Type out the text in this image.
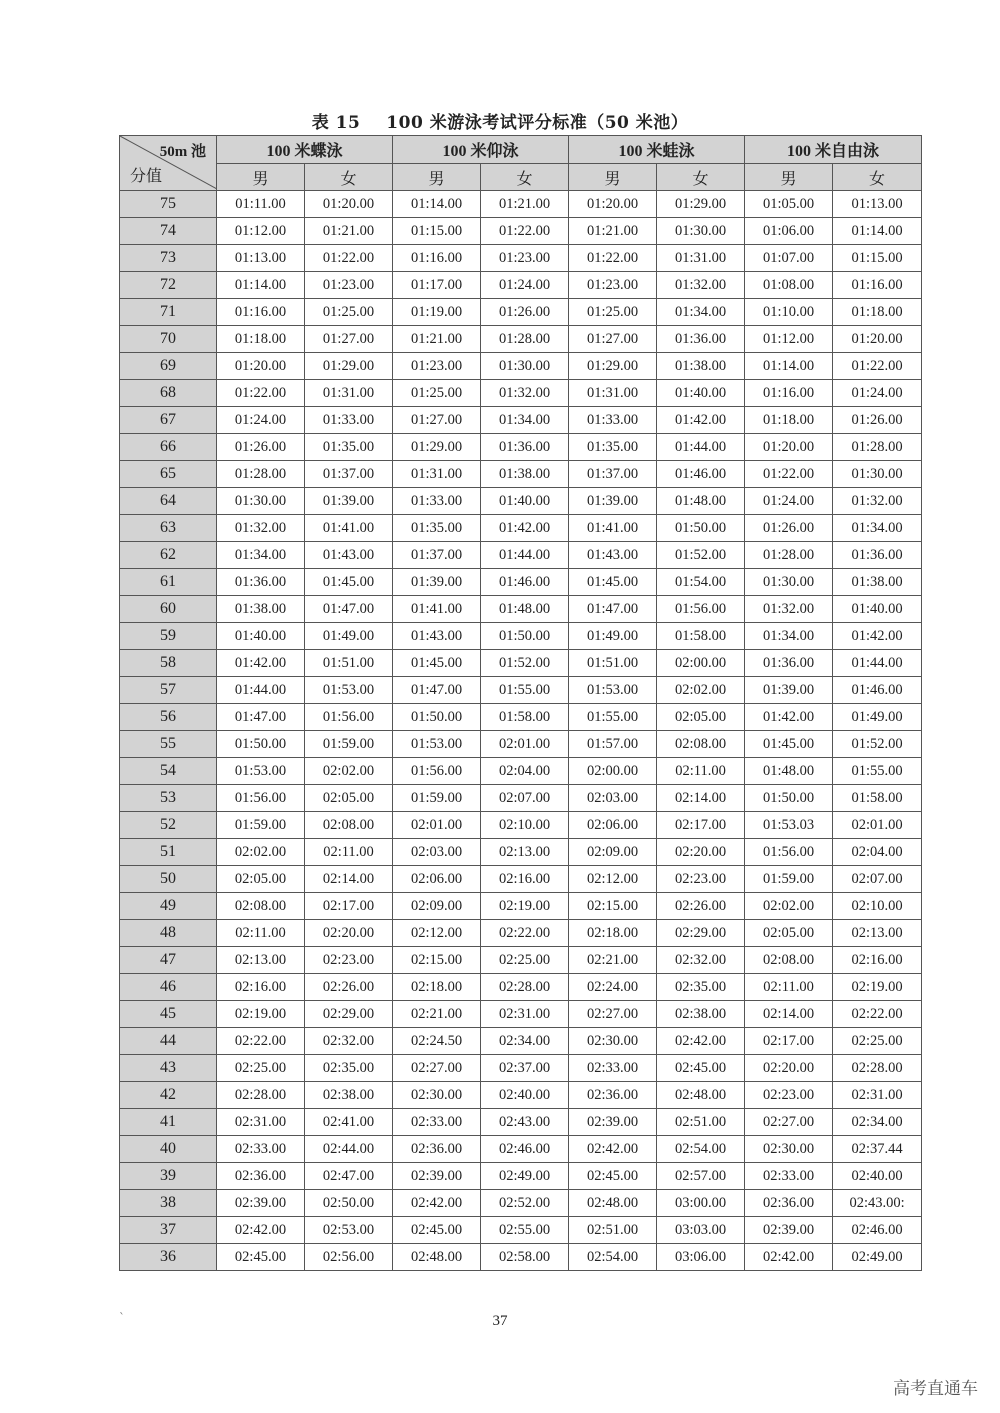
表 15 100 米游泳考试评分标准（50 米池）
50m 池
分值	100 米蝶泳		100 米仰泳		100 米蛙泳		100 米自由泳	
	男	女	男	女	男	女	男	女
75	01:11.00	01:20.00	01:14.00	01:21.00	01:20.00	01:29.00	01:05.00	01:13.00
74	01:12.00	01:21.00	01:15.00	01:22.00	01:21.00	01:30.00	01:06.00	01:14.00
73	01:13.00	01:22.00	01:16.00	01:23.00	01:22.00	01:31.00	01:07.00	01:15.00
72	01:14.00	01:23.00	01:17.00	01:24.00	01:23.00	01:32.00	01:08.00	01:16.00
71	01:16.00	01:25.00	01:19.00	01:26.00	01:25.00	01:34.00	01:10.00	01:18.00
70	01:18.00	01:27.00	01:21.00	01:28.00	01:27.00	01:36.00	01:12.00	01:20.00
69	01:20.00	01:29.00	01:23.00	01:30.00	01:29.00	01:38.00	01:14.00	01:22.00
68	01:22.00	01:31.00	01:25.00	01:32.00	01:31.00	01:40.00	01:16.00	01:24.00
67	01:24.00	01:33.00	01:27.00	01:34.00	01:33.00	01:42.00	01:18.00	01:26.00
66	01:26.00	01:35.00	01:29.00	01:36.00	01:35.00	01:44.00	01:20.00	01:28.00
65	01:28.00	01:37.00	01:31.00	01:38.00	01:37.00	01:46.00	01:22.00	01:30.00
64	01:30.00	01:39.00	01:33.00	01:40.00	01:39.00	01:48.00	01:24.00	01:32.00
63	01:32.00	01:41.00	01:35.00	01:42.00	01:41.00	01:50.00	01:26.00	01:34.00
62	01:34.00	01:43.00	01:37.00	01:44.00	01:43.00	01:52.00	01:28.00	01:36.00
61	01:36.00	01:45.00	01:39.00	01:46.00	01:45.00	01:54.00	01:30.00	01:38.00
60	01:38.00	01:47.00	01:41.00	01:48.00	01:47.00	01:56.00	01:32.00	01:40.00
59	01:40.00	01:49.00	01:43.00	01:50.00	01:49.00	01:58.00	01:34.00	01:42.00
58	01:42.00	01:51.00	01:45.00	01:52.00	01:51.00	02:00.00	01:36.00	01:44.00
57	01:44.00	01:53.00	01:47.00	01:55.00	01:53.00	02:02.00	01:39.00	01:46.00
56	01:47.00	01:56.00	01:50.00	01:58.00	01:55.00	02:05.00	01:42.00	01:49.00
55	01:50.00	01:59.00	01:53.00	02:01.00	01:57.00	02:08.00	01:45.00	01:52.00
54	01:53.00	02:02.00	01:56.00	02:04.00	02:00.00	02:11.00	01:48.00	01:55.00
53	01:56.00	02:05.00	01:59.00	02:07.00	02:03.00	02:14.00	01:50.00	01:58.00
52	01:59.00	02:08.00	02:01.00	02:10.00	02:06.00	02:17.00	01:53.03	02:01.00
51	02:02.00	02:11.00	02:03.00	02:13.00	02:09.00	02:20.00	01:56.00	02:04.00
50	02:05.00	02:14.00	02:06.00	02:16.00	02:12.00	02:23.00	01:59.00	02:07.00
49	02:08.00	02:17.00	02:09.00	02:19.00	02:15.00	02:26.00	02:02.00	02:10.00
48	02:11.00	02:20.00	02:12.00	02:22.00	02:18.00	02:29.00	02:05.00	02:13.00
47	02:13.00	02:23.00	02:15.00	02:25.00	02:21.00	02:32.00	02:08.00	02:16.00
46	02:16.00	02:26.00	02:18.00	02:28.00	02:24.00	02:35.00	02:11.00	02:19.00
45	02:19.00	02:29.00	02:21.00	02:31.00	02:27.00	02:38.00	02:14.00	02:22.00
44	02:22.00	02:32.00	02:24.50	02:34.00	02:30.00	02:42.00	02:17.00	02:25.00
43	02:25.00	02:35.00	02:27.00	02:37.00	02:33.00	02:45.00	02:20.00	02:28.00
42	02:28.00	02:38.00	02:30.00	02:40.00	02:36.00	02:48.00	02:23.00	02:31.00
41	02:31.00	02:41.00	02:33.00	02:43.00	02:39.00	02:51.00	02:27.00	02:34.00
40	02:33.00	02:44.00	02:36.00	02:46.00	02:42.00	02:54.00	02:30.00	02:37.44
39	02:36.00	02:47.00	02:39.00	02:49.00	02:45.00	02:57.00	02:33.00	02:40.00
38	02:39.00	02:50.00	02:42.00	02:52.00	02:48.00	03:00.00	02:36.00	02:43.00:
37	02:42.00	02:53.00	02:45.00	02:55.00	02:51.00	03:03.00	02:39.00	02:46.00
36	02:45.00	02:56.00	02:48.00	02:58.00	02:54.00	03:06.00	02:42.00	02:49.00
`	37
高考直通车
